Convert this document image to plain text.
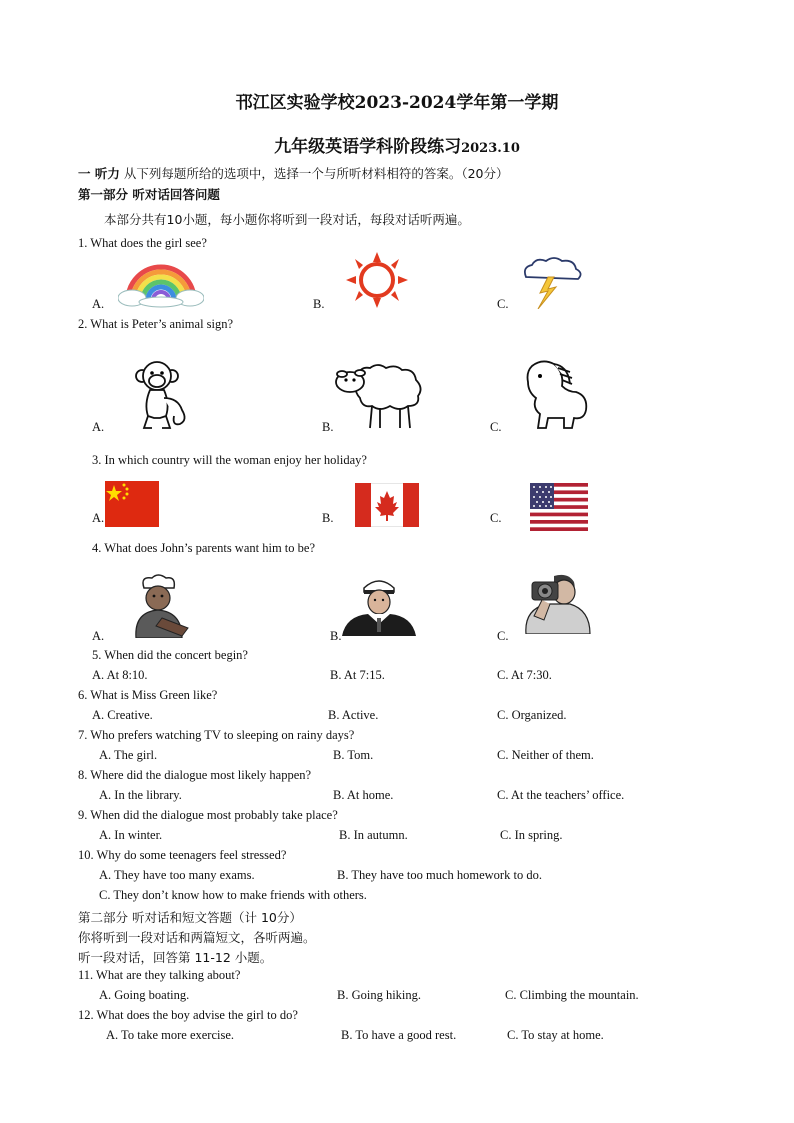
邗江区实验学校2023-2024学年第一学期
九年级英语学科阶段练习2023.10
一 听力 从下列每题所给的选项中，选择一个与所听材料相符的答案。（20分）
第一部分 听对话回答问题
本部分共有10小题，每小题你将听到一段对话，每段对话听两遍。
1. What does the girl see?
A.	B.	C.
2. What is Peter’s animal sign?
A.	B.	C.
3. In which country will the woman enjoy her holiday?
A.	B.	C.
4. What does John’s parents want him to be?
A.	B.	C.
5. When did the concert begin?
A. At 8:10.	B. At 7:15.	C. At 7:30.
6. What is Miss Green like?
A. Creative.	B. Active.	C. Organized.
7. Who prefers watching TV to sleeping on rainy days?
A. The girl.	B. Tom.	C. Neither of them.
8. Where did the dialogue most likely happen?
A. In the library.	B. At home.	C. At the teachers’ office.
9. When did the dialogue most probably take place?
A. In winter.	B. In autumn.	C. In spring.
10. Why do some teenagers feel stressed?
A. They have too many exams.	B. They have too much homework to do.
C. They don’t know how to make friends with others.
第二部分 听对话和短文答题（计 10分）
你将听到一段对话和两篇短文，各听两遍。
听一段对话，回答第 11-12 小题。
11. What are they talking about?
A. Going boating.	B. Going hiking.	C. Climbing the mountain.
12. What does the boy advise the girl to do?
A. To take more exercise.	B. To have a good rest.	C. To stay at home.
